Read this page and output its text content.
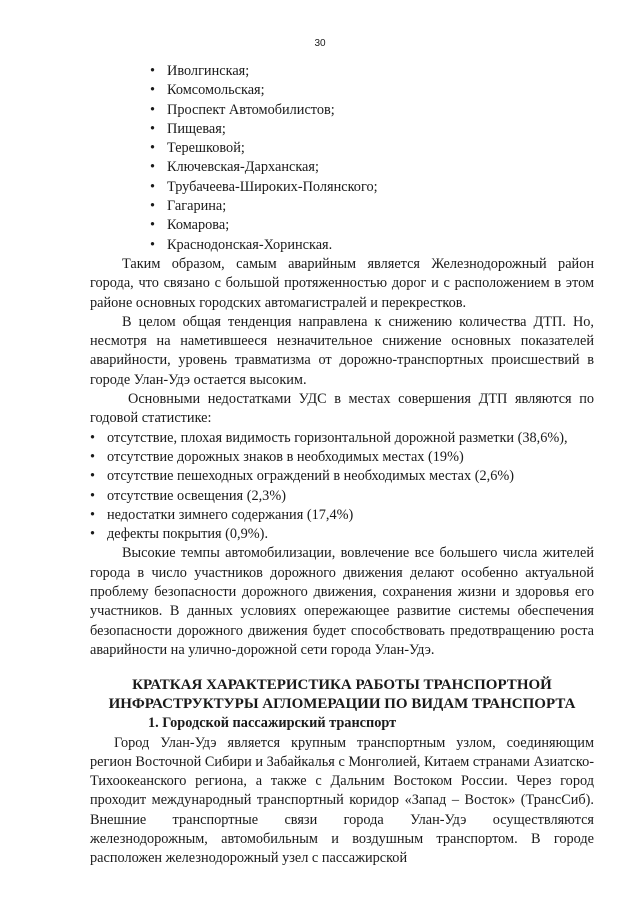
30
• Иволгинская;
• Комсомольская;
• Проспект Автомобилистов;
• Пищевая;
• Терешковой;
• Ключевская-Дарханская;
• Трубачеева-Широких-Полянского;
• Гагарина;
• Комарова;
• Краснодонская-Хоринская.

Таким образом, самым аварийным является Железнодорожный район города, что связано с большой протяженностью дорог и с расположением в этом районе основных городских автомагистралей и перекрестков.

В целом общая тенденция направлена к снижению количества ДТП. Но, несмотря на наметившееся незначительное снижение основных показателей аварийности, уровень травматизма от дорожно-транспортных происшествий в городе Улан-Удэ остается высоким.

Основными недостатками УДС в местах совершения ДТП являются по годовой статистике:

• отсутствие, плохая видимость горизонтальной дорожной разметки (38,6%),
• отсутствие дорожных знаков в необходимых местах (19%)
• отсутствие пешеходных ограждений в необходимых местах (2,6%)
• отсутствие освещения (2,3%)
• недостатки зимнего содержания (17,4%)
• дефекты покрытия (0,9%).

Высокие темпы автомобилизации, вовлечение все большего числа жителей города в число участников дорожного движения делают особенно актуальной проблему безопасности дорожного движения, сохранения жизни и здоровья его участников. В данных условиях опережающее развитие системы обеспечения безопасности дорожного движения будет способствовать предотвращению роста аварийности на улично-дорожной сети города Улан-Удэ.

КРАТКАЯ ХАРАКТЕРИСТИКА РАБОТЫ ТРАНСПОРТНОЙ
ИНФРАСТРУКТУРЫ АГЛОМЕРАЦИИ ПО ВИДАМ ТРАНСПОРТА
1. Городской пассажирский транспорт

Город Улан-Удэ является крупным транспортным узлом, соединяющим регион Восточной Сибири и Забайкалья с Монголией, Китаем странами Азиатско-Тихоокеанского региона, а также с Дальним Востоком России. Через город проходит международный транспортный коридор «Запад – Восток» (ТрансСиб). Внешние транспортные связи города Улан-Удэ осуществляются железнодорожным, автомобильным и воздушным транспортом. В городе расположен железнодорожный узел с пассажирской
